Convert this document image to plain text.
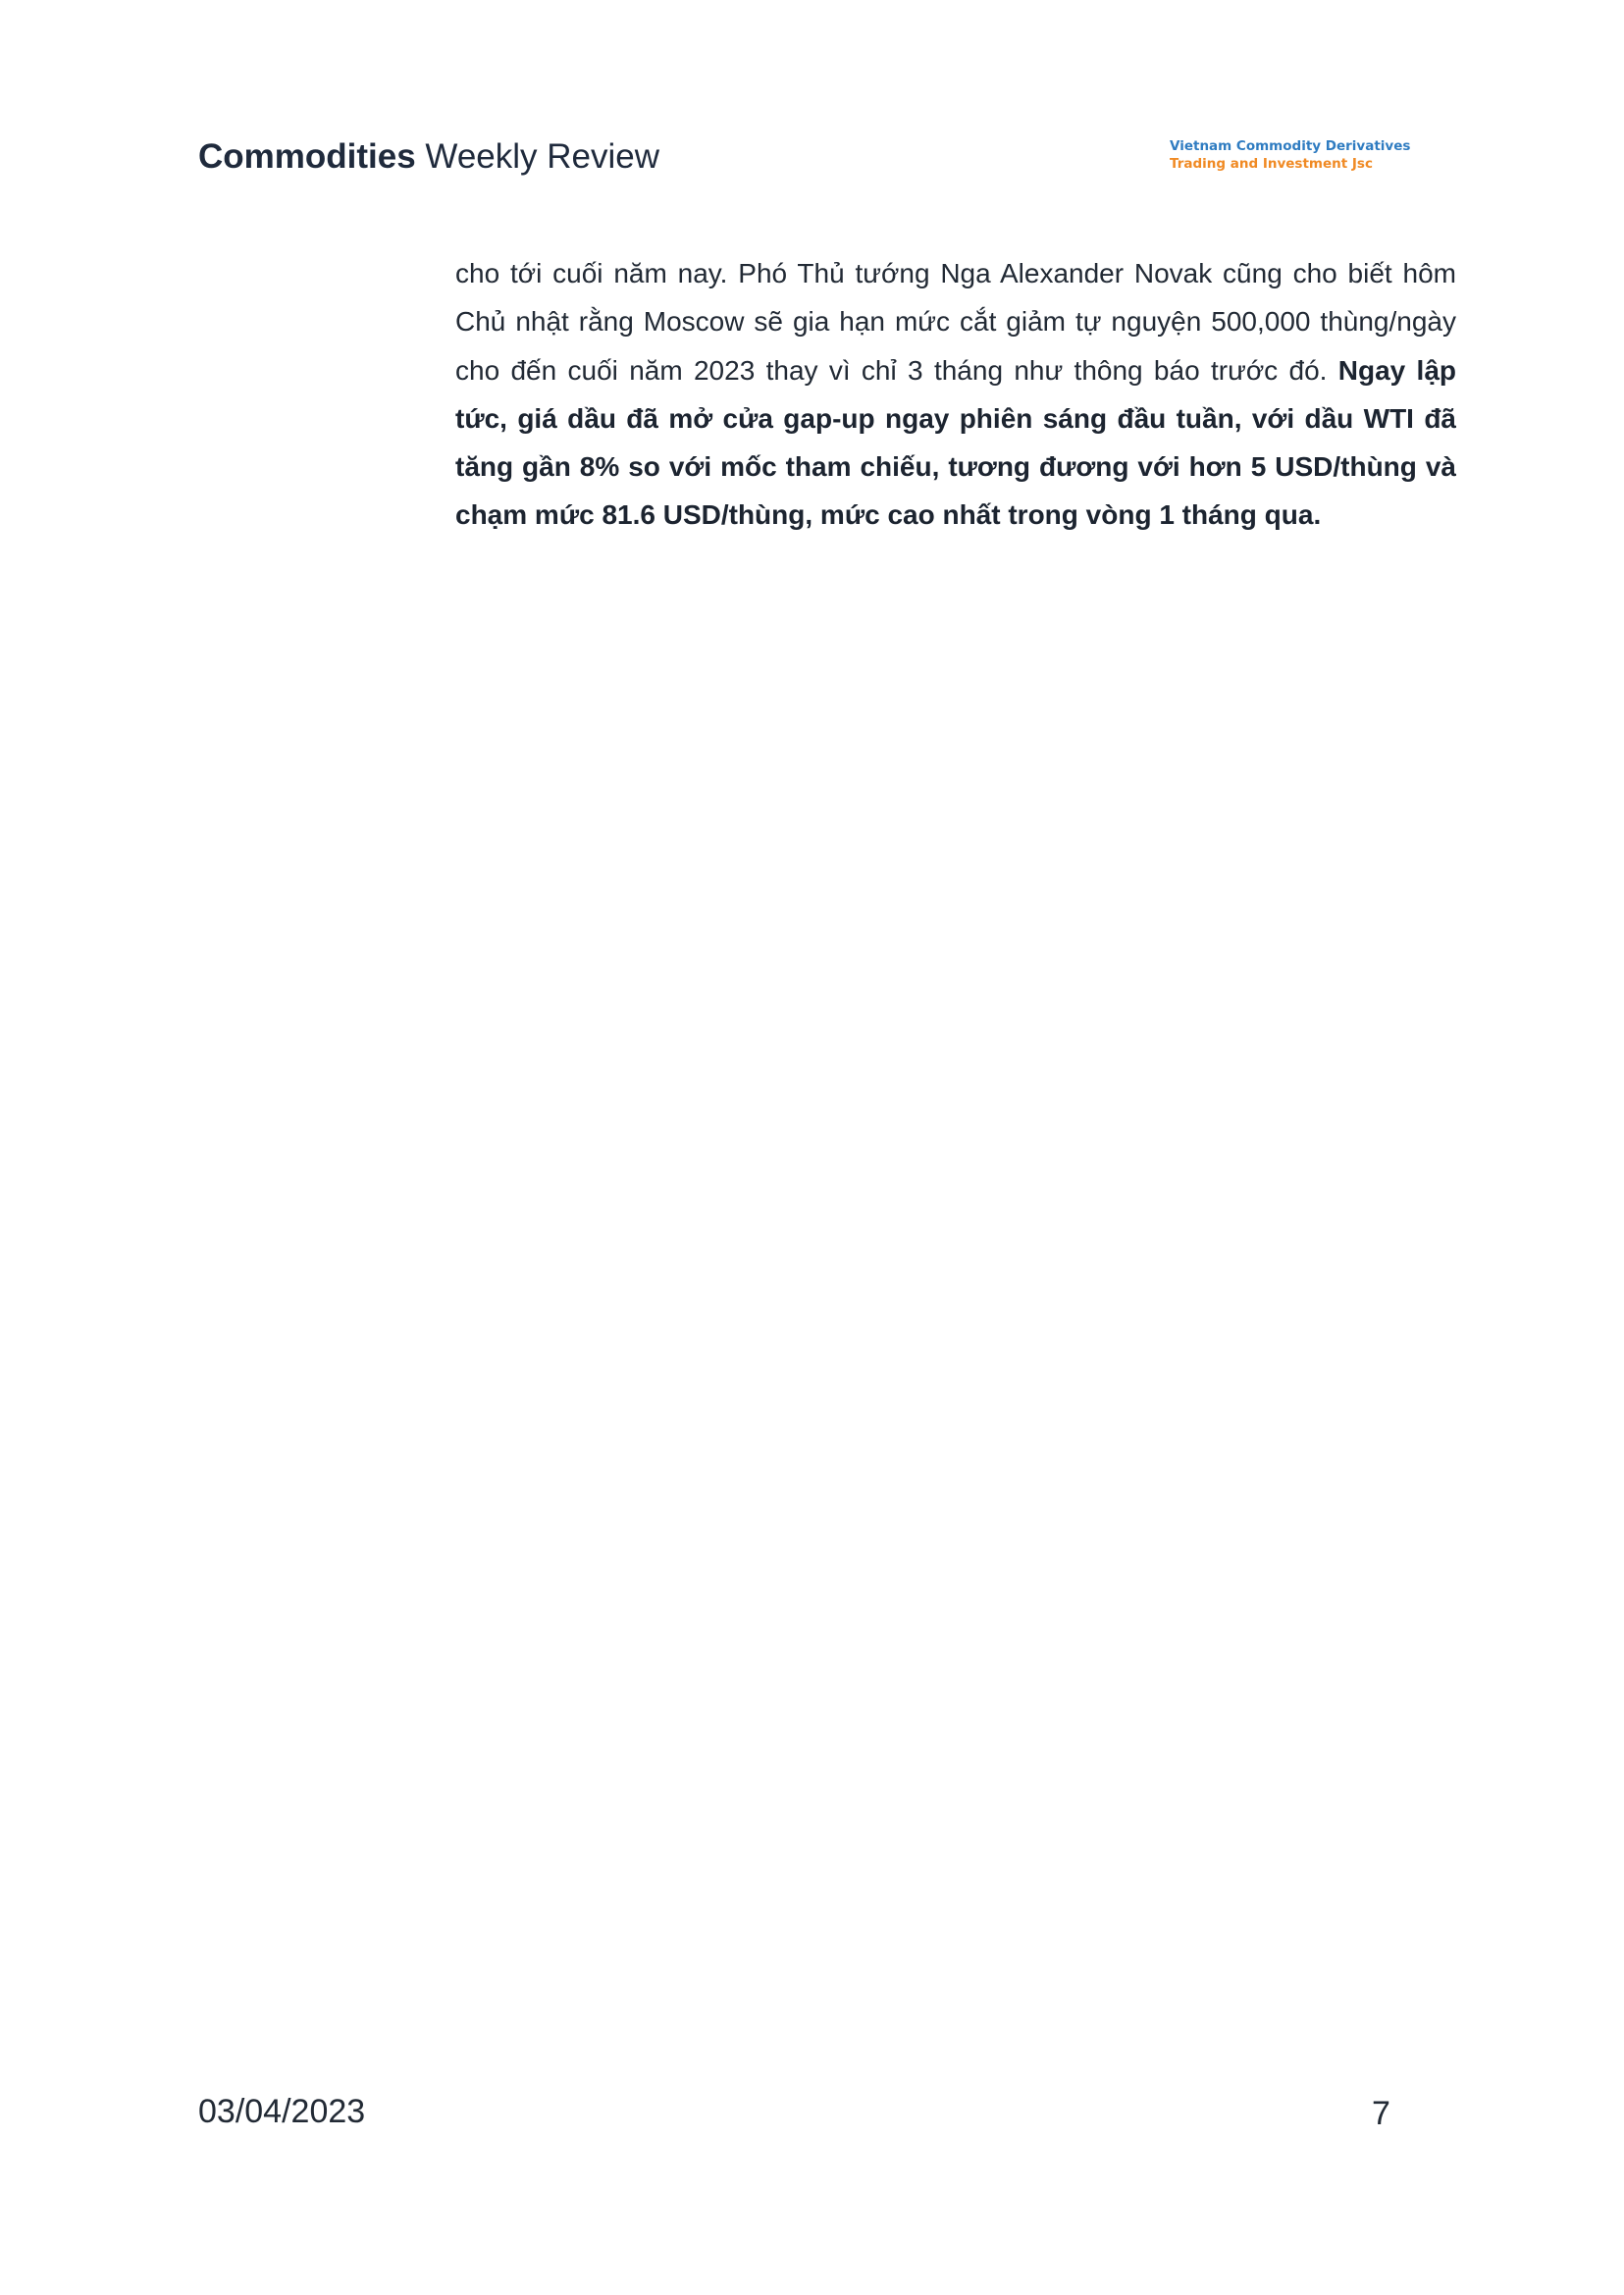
Commodities Weekly Review	Vietnam Commodity Derivatives
Trading and Investment Jsc
cho tới cuối năm nay. Phó Thủ tướng Nga Alexander Novak cũng cho biết hôm Chủ nhật rằng Moscow sẽ gia hạn mức cắt giảm tự nguyện 500,000 thùng/ngày cho đến cuối năm 2023 thay vì chỉ 3 tháng như thông báo trước đó. Ngay lập tức, giá dầu đã mở cửa gap-up ngay phiên sáng đầu tuần, với dầu WTI đã tăng gần 8% so với mốc tham chiếu, tương đương với hơn 5 USD/thùng và chạm mức 81.6 USD/thùng, mức cao nhất trong vòng 1 tháng qua.
03/04/2023	7
